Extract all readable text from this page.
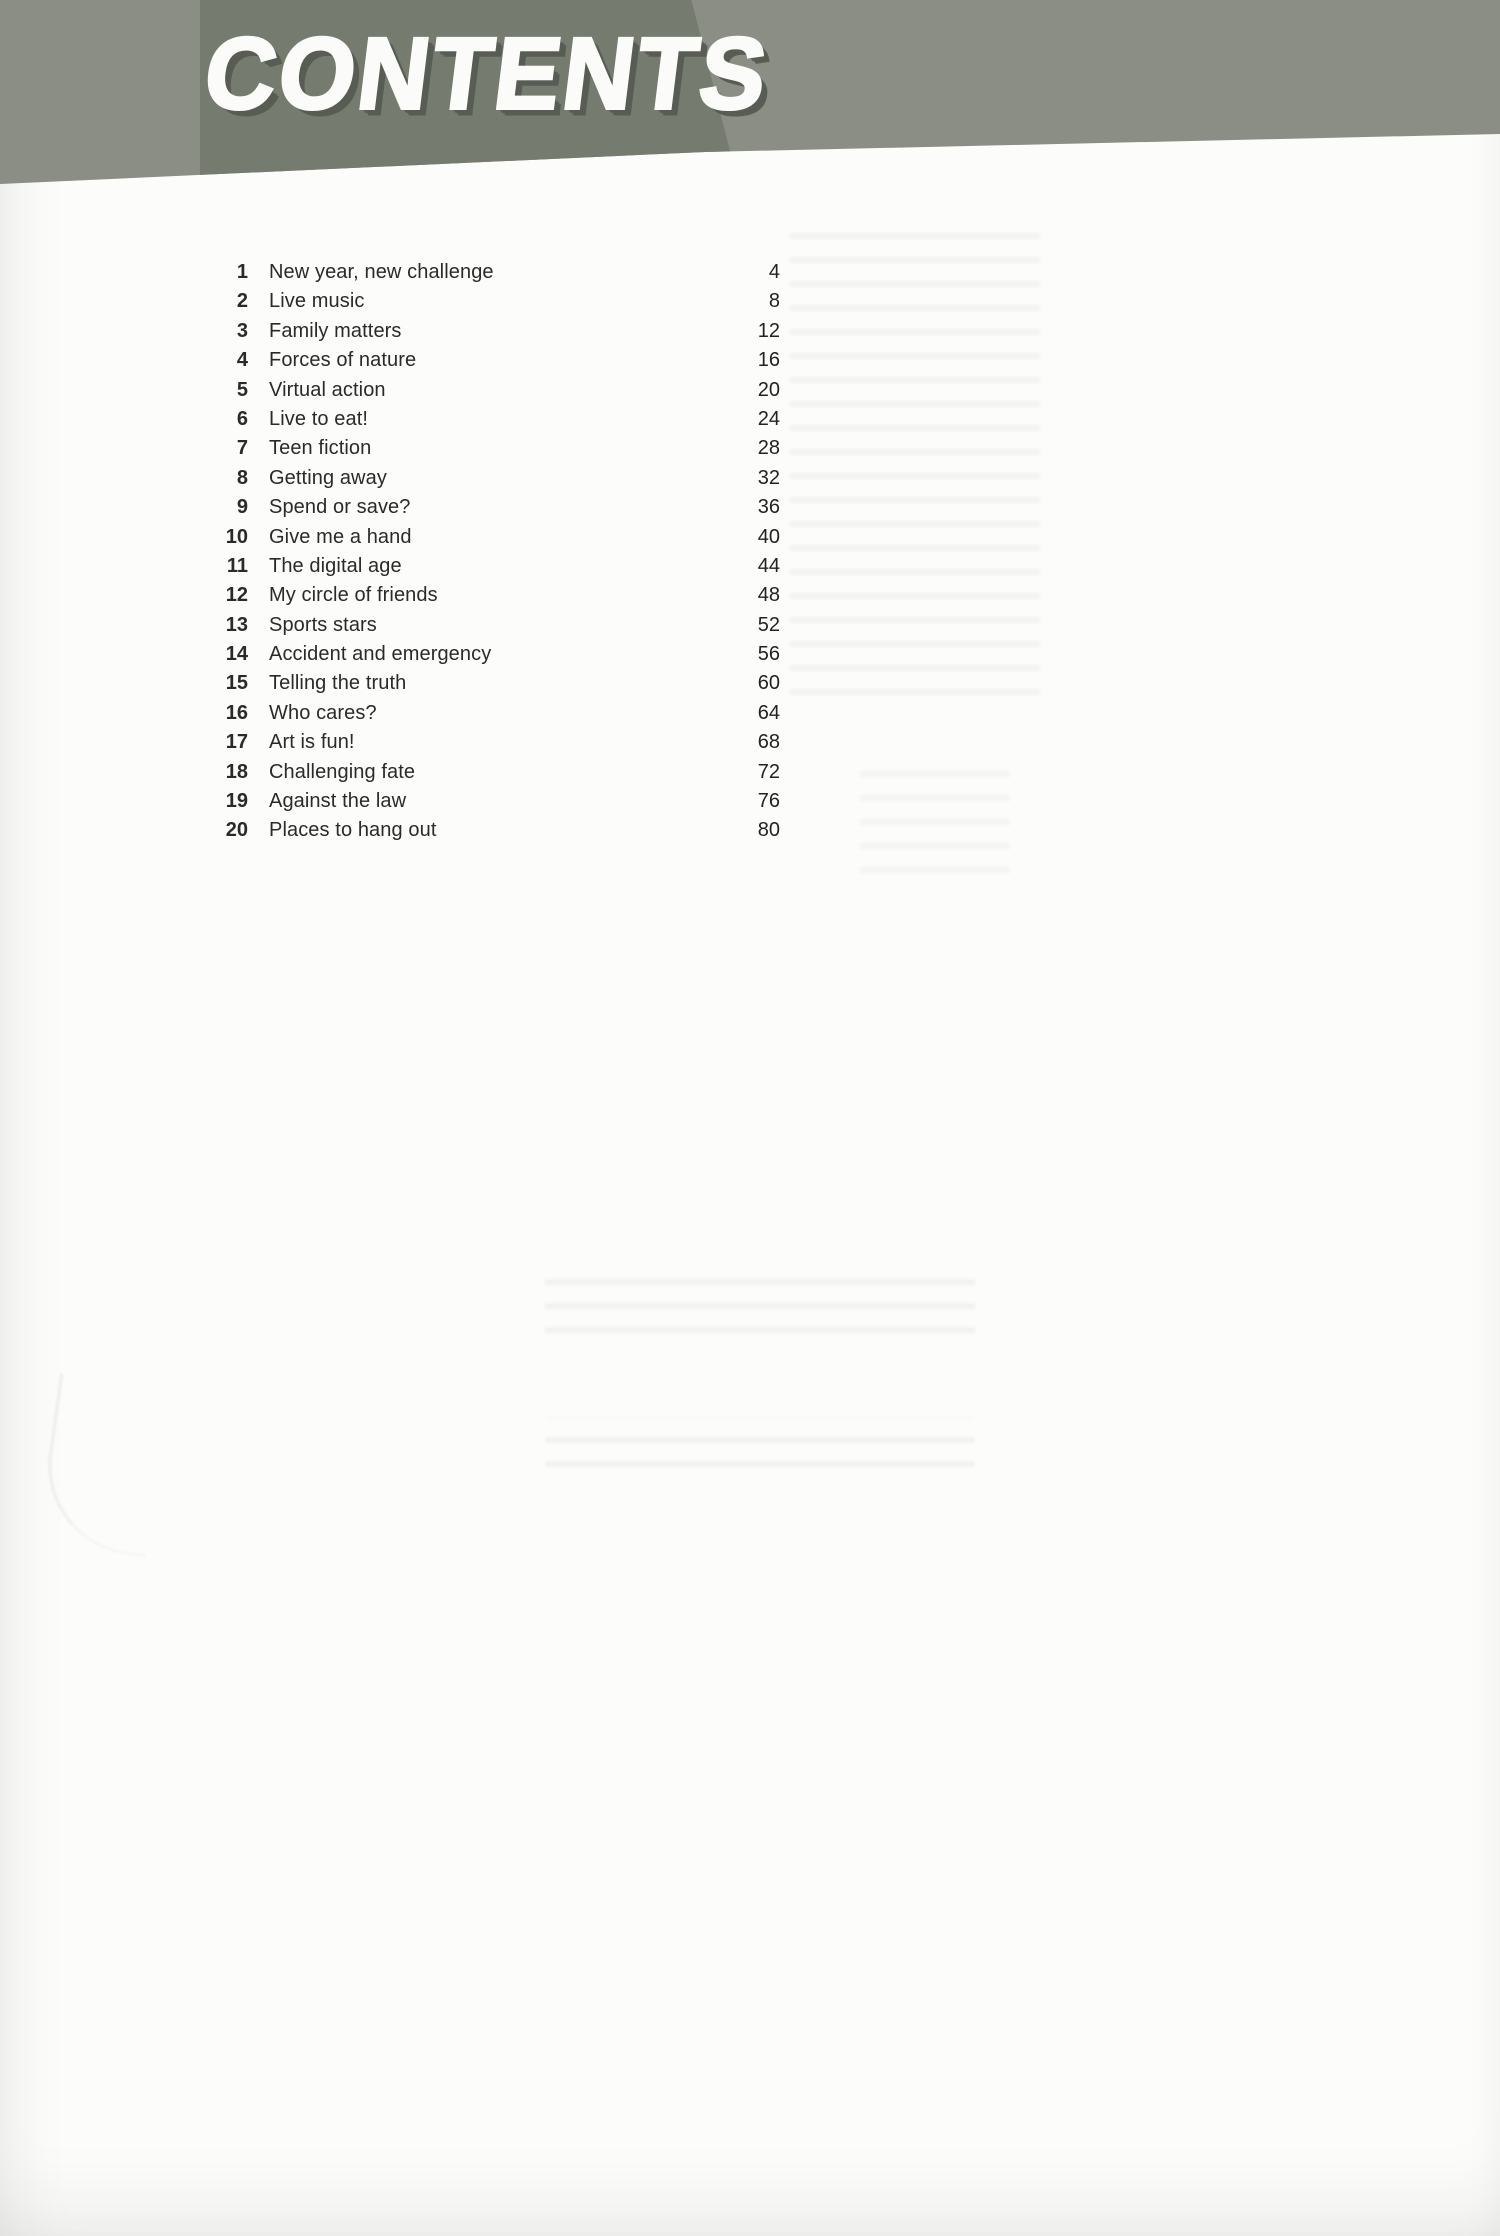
CONTENTS
1	New year, new challenge	4
2	Live music	8
3	Family matters	12
4	Forces of nature	16
5	Virtual action	20
6	Live to eat!	24
7	Teen fiction	28
8	Getting away	32
9	Spend or save?	36
10	Give me a hand	40
11	The digital age	44
12	My circle of friends	48
13	Sports stars	52
14	Accident and emergency	56
15	Telling the truth	60
16	Who cares?	64
17	Art is fun!	68
18	Challenging fate	72
19	Against the law	76
20	Places to hang out	80
